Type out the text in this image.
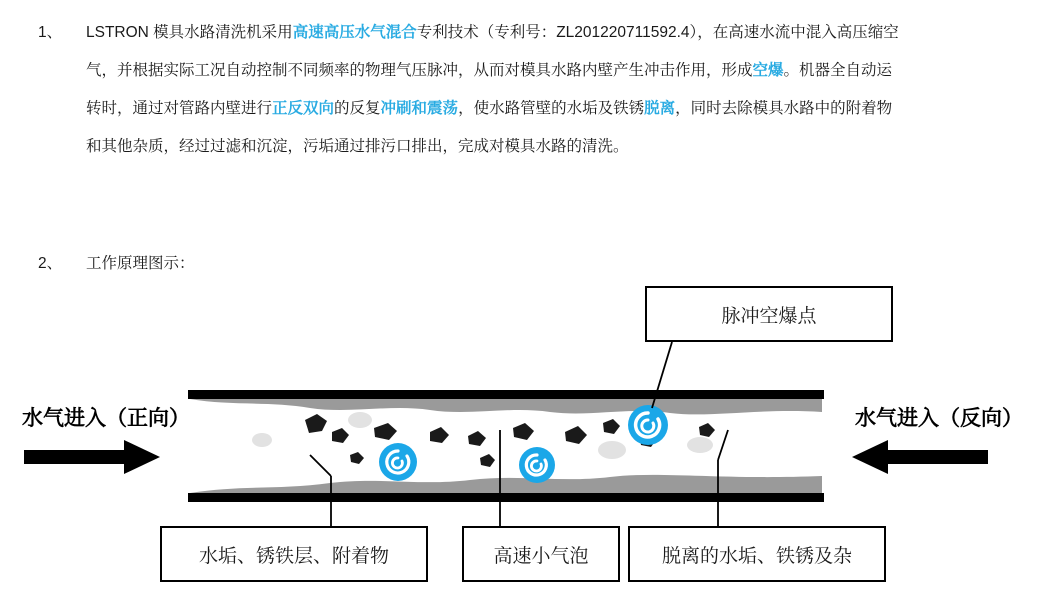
1、 LSTRON 模具水路清洗机采用高速高压水气混合专利技术（专利号：ZL201220711592.4），在高速水流中混入高压缩空
气，并根据实际工况自动控制不同频率的物理气压脉冲，从而对模具水路内壁产生冲击作用，形成空爆。机器全自动运
转时，通过对管路内壁进行正反双向的反复冲刷和震荡，使水路管壁的水垢及铁锈脱离，同时去除模具水路中的附着物
和其他杂质，经过过滤和沉淀，污垢通过排污口排出，完成对模具水路的清洗。
2、 工作原理图示：
脉冲空爆点
水垢、锈铁层、附着物	高速小气泡	脱离的水垢、铁锈及杂
水气进入（正向）	水气进入（反向）
